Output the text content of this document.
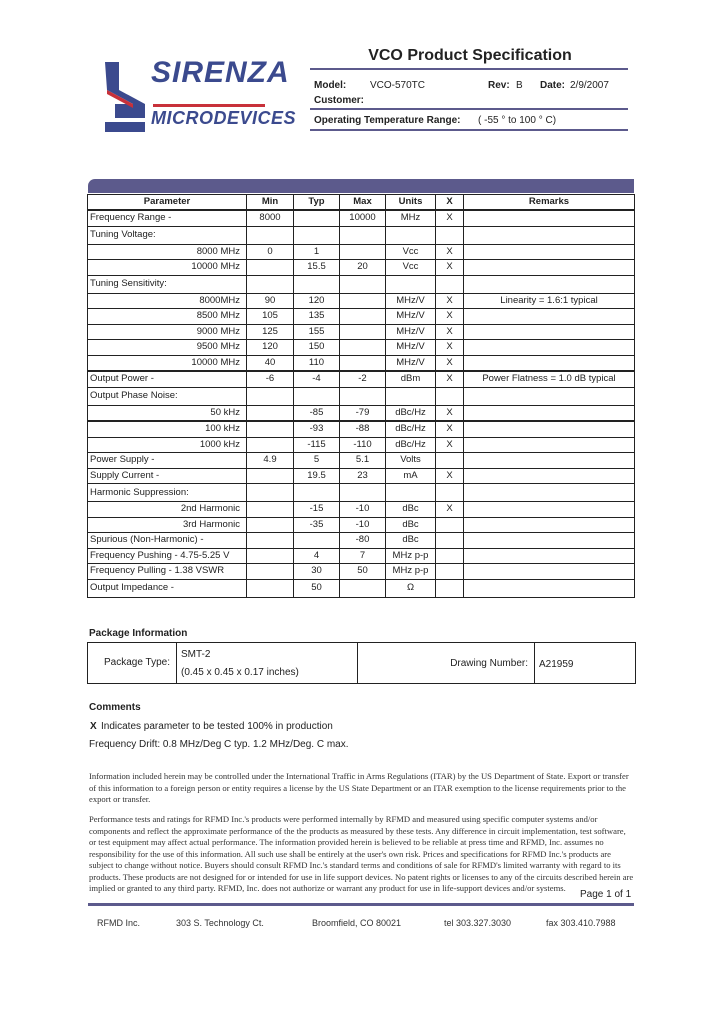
SIRENZA
MICRODEVICES
VCO Product Specification
Model: VCO-570TC	Rev: B Date: 2/9/2007
Customer:
Operating Temperature Range: ( -55 ° to 100 ° C)
Parameter	Min	Typ	Max	Units	X	Remarks
Frequency Range -	8000		10000	MHz	X	
Tuning Voltage:						
8000 MHz	0	1		Vcc	X	
10000 MHz		15.5	20	Vcc	X	
Tuning Sensitivity:						
8000MHz	90	120		MHz/V	X	Linearity = 1.6:1 typical
8500 MHz	105	135		MHz/V	X	
9000 MHz	125	155		MHz/V	X	
9500 MHz	120	150		MHz/V	X	
10000 MHz	40	110		MHz/V	X	
Output Power -	-6	-4	-2	dBm	X	Power Flatness = 1.0 dB typical
Output Phase Noise:						
50 kHz		-85	-79	dBc/Hz	X	
100 kHz		-93	-88	dBc/Hz	X	
1000 kHz		-115	-110	dBc/Hz	X	
Power Supply -	4.9	5	5.1	Volts		
Supply Current -		19.5	23	mA	X	
Harmonic Suppression:						
2nd Harmonic		-15	-10	dBc	X	
3rd Harmonic		-35	-10	dBc		
Spurious (Non-Harmonic) -			-80	dBc		
Frequency Pushing - 4.75-5.25 V		4	7	MHz p-p		
Frequency Pulling - 1.38 VSWR		30	50	MHz p-p		
Output Impedance -		50		Ω		
Package Information
Package Type:
SMT-2
(0.45 x 0.45 x 0.17 inches)
Drawing Number: A21959
Comments
X Indicates parameter to be tested 100% in production
Frequency Drift: 0.8 MHz/Deg C typ. 1.2 MHz/Deg. C max.
Information included herein may be controlled under the International Traffic in Arms Regulations (ITAR) by the US Department of State. Export or transfer of this information to a foreign person or entity requires a license by the US State Department or an ITAR exemption to the license requirements prior to the export or transfer.
Performance tests and ratings for RFMD Inc.'s products were performed internally by RFMD and measured using specific computer systems and/or components and reflect the approximate performance of the the products as measured by these tests. Any difference in circuit implementation, test software, or test equipment may affect actual performance. The information provided herein is believed to be reliable at press time and RFMD, Inc. assumes no responsibility for the use of this information. All such use shall be entirely at the user's own risk. Prices and specifications for RFMD Inc.'s products are subject to change without notice. Buyers should consult RFMD Inc.'s standard terms and conditions of sale for RFMD's limited warranty with regard to its products. These products are not designed for or intended for use in life support devices. No patent rights or licenses to any of the circuits described herein are implied or granted to any third party. RFMD, Inc. does not authorize or warrant any product for use in life-support devices and/or systems.
Page 1 of 1
RFMD Inc.	303 S. Technology Ct.	Broomfield, CO 80021	tel 303.327.3030	fax 303.410.7988
